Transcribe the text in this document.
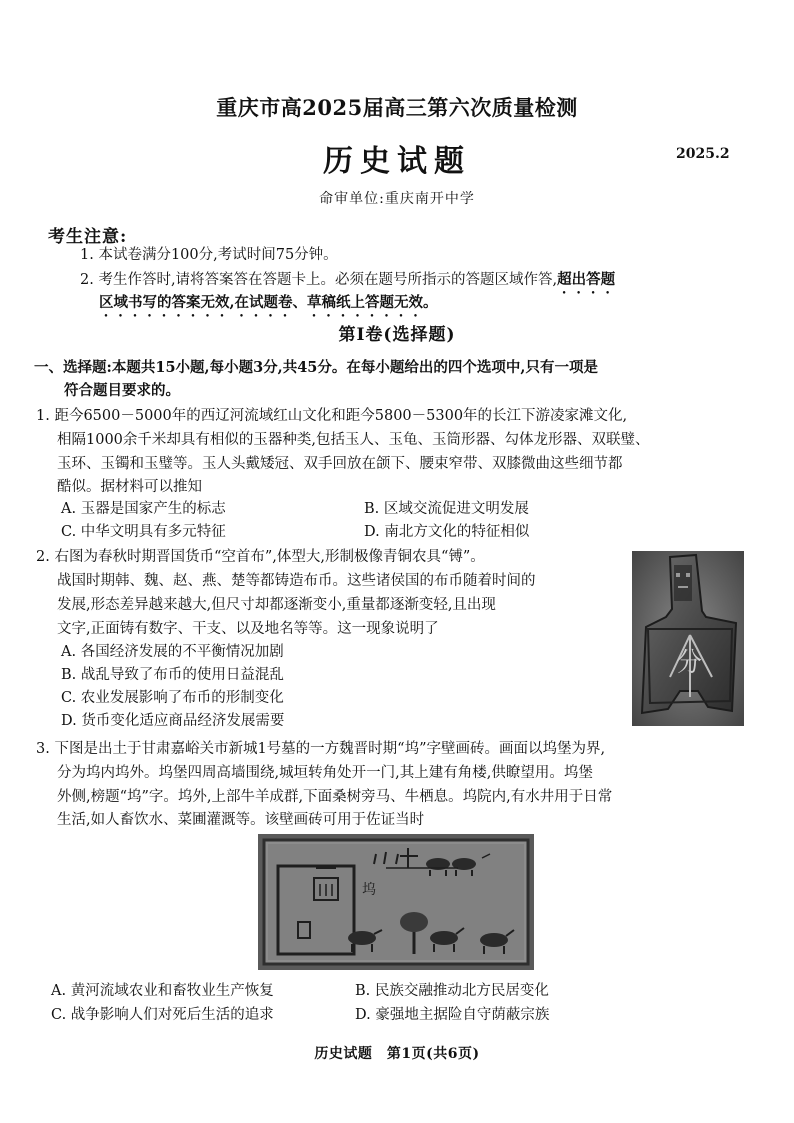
重庆市高2025届高三第六次质量检测
历史试题	2025.2
命审单位:重庆南开中学
考生注意:
1. 本试卷满分100分,考试时间75分钟。
2. 考生作答时,请将答案答在答题卡上。必须在题号所指示的答题区域作答,超出答题
区域书写的答案无效,在试题卷、草稿纸上答题无效。
第Ⅰ卷(选择题)
一、选择题:本题共15小题,每小题3分,共45分。在每小题给出的四个选项中,只有一项是
符合题目要求的。
1. 距今6500－5000年的西辽河流域红山文化和距今5800－5300年的长江下游凌家滩文化,
相隔1000余千米却具有相似的玉器种类,包括玉人、玉龟、玉筒形器、勾体龙形器、双联璧、
玉环、玉镯和玉璧等。玉人头戴矮冠、双手回放在颌下、腰束窄带、双膝微曲这些细节都
酷似。据材料可以推知
A. 玉器是国家产生的标志	B. 区域交流促进文明发展
C. 中华文明具有多元特征	D. 南北方文化的特征相似
2. 右图为春秋时期晋国货币“空首布”,体型大,形制极像青铜农具“镈”。
战国时期韩、魏、赵、燕、楚等都铸造布币。这些诸侯国的布币随着时间的
发展,形态差异越来越大,但尺寸却都逐渐变小,重量都逐渐变轻,且出现
文字,正面铸有数字、干支、以及地名等等。这一现象说明了
A. 各国经济发展的不平衡情况加剧
B. 战乱导致了布币的使用日益混乱
C. 农业发展影响了布币的形制变化
D. 货币变化适应商品经济发展需要
分
3. 下图是出土于甘肃嘉峪关市新城1号墓的一方魏晋时期“坞”字壁画砖。画面以坞堡为界,
分为坞内坞外。坞堡四周高墙围绕,城垣转角处开一门,其上建有角楼,供瞭望用。坞堡
外侧,榜题“坞”字。坞外,上部牛羊成群,下面桑树旁马、牛栖息。坞院内,有水井用于日常
生活,如人畜饮水、菜圃灌溉等。该壁画砖可用于佐证当时
坞
A. 黄河流域农业和畜牧业生产恢复	B. 民族交融推动北方民居变化
C. 战争影响人们对死后生活的追求	D. 豪强地主据险自守荫蔽宗族
历史试题　第1页(共6页)
